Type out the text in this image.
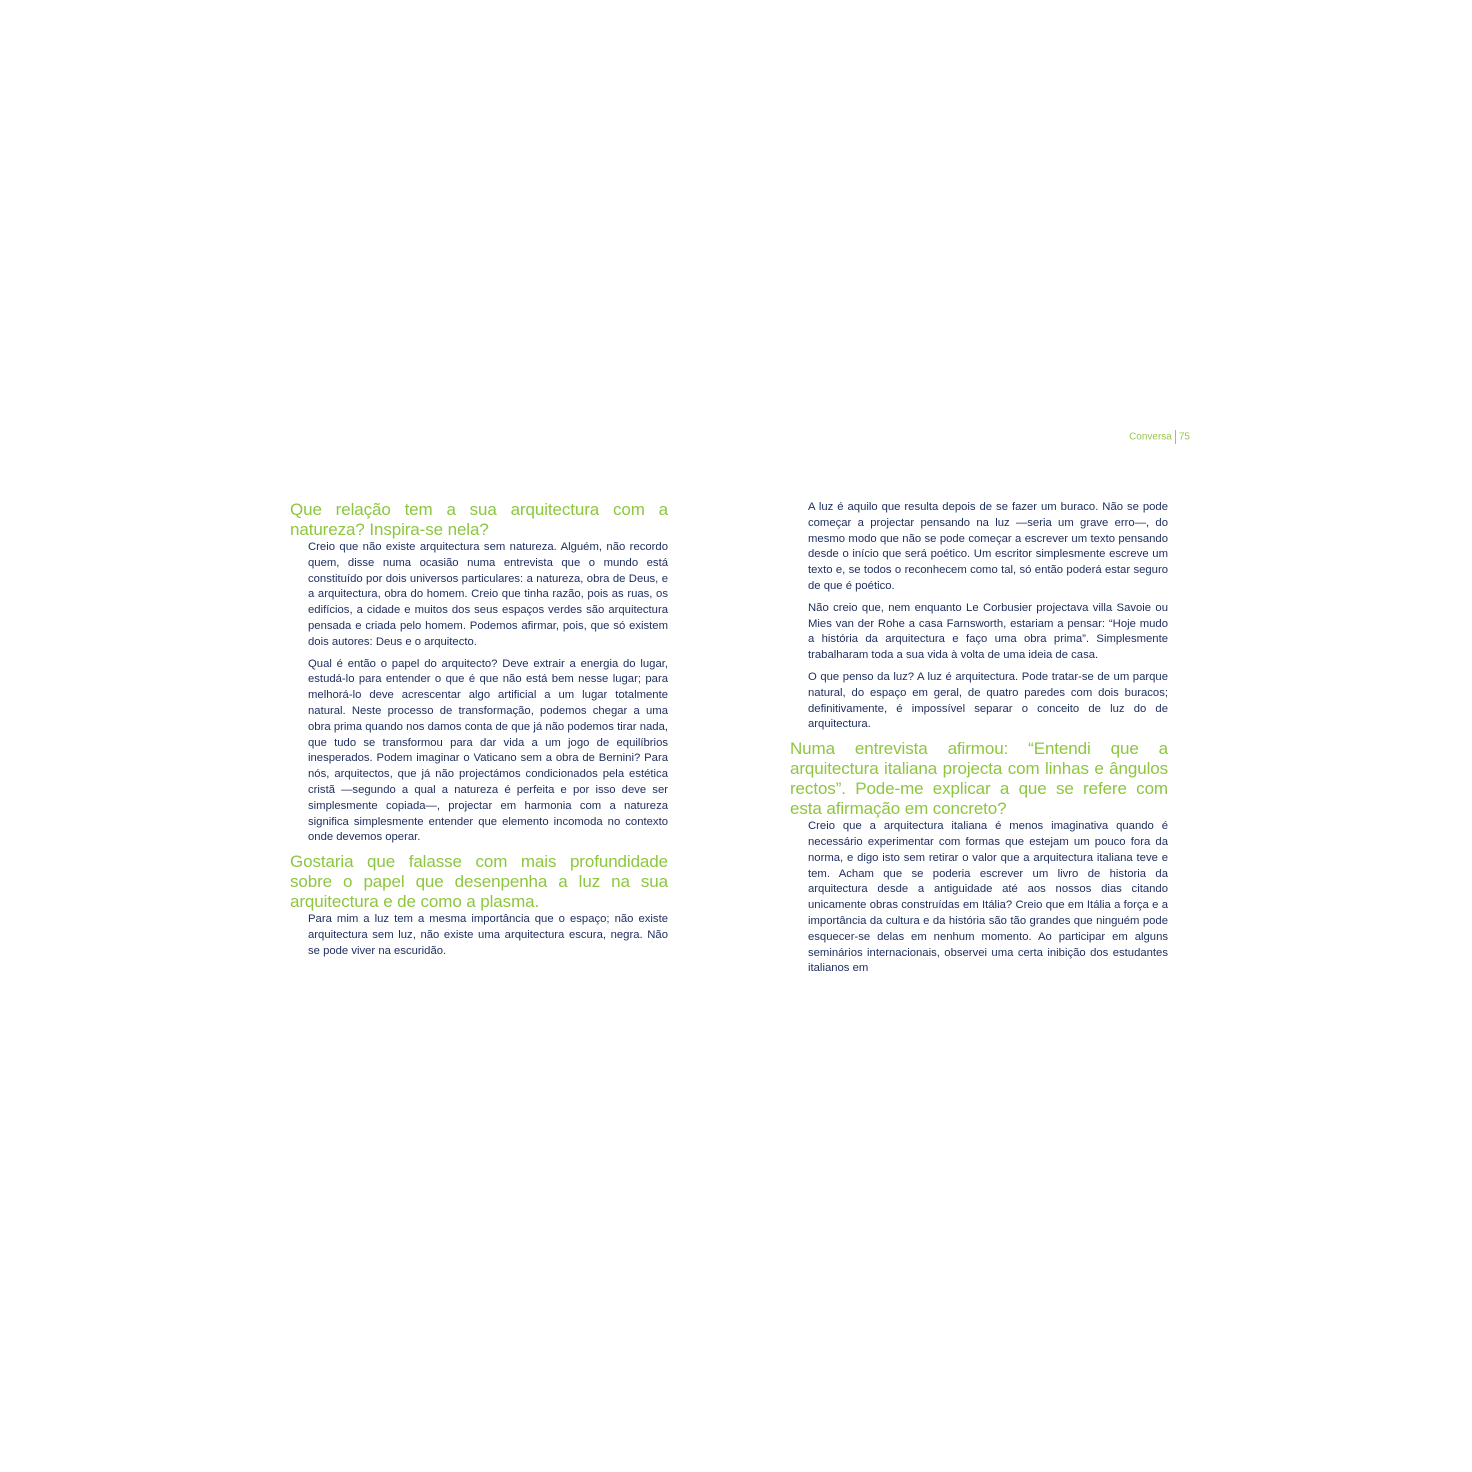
Conversa 75
Que relação tem a sua arquitectura com a natureza? Inspira-se nela?

Creio que não existe arquitectura sem natureza. Alguém, não recordo quem, disse numa ocasião numa entrevista que o mundo está constituído por dois universos particulares: a natureza, obra de Deus, e a arquitectura, obra do homem. Creio que tinha razão, pois as ruas, os edifícios, a cidade e muitos dos seus espaços verdes são arquitectura pensada e criada pelo homem. Podemos afirmar, pois, que só existem dois autores: Deus e o arquitecto.

Qual é então o papel do arquitecto? Deve extrair a energia do lugar, estudá-lo para entender o que é que não está bem nesse lugar; para melhorá-lo deve acrescentar algo artificial a um lugar totalmente natural. Neste processo de transformação, podemos chegar a uma obra prima quando nos damos conta de que já não podemos tirar nada, que tudo se transformou para dar vida a um jogo de equilíbrios inesperados. Podem imaginar o Vaticano sem a obra de Bernini? Para nós, arquitectos, que já não projectámos condicionados pela estética cristã —segundo a qual a natureza é perfeita e por isso deve ser simplesmente copiada—, projectar em harmonia com a natureza significa simplesmente entender que elemento incomoda no contexto onde devemos operar.

Gostaria que falasse com mais profundidade sobre o papel que desenpenha a luz na sua arquitectura e de como a plasma.

Para mim a luz tem a mesma importância que o espaço; não existe arquitectura sem luz, não existe uma arquitectura escura, negra. Não se pode viver na escuridão.

A luz é aquilo que resulta depois de se fazer um buraco. Não se pode começar a projectar pensando na luz —seria um grave erro—, do mesmo modo que não se pode começar a escrever um texto pensando desde o início que será poético. Um escritor simplesmente escreve um texto e, se todos o reconhecem como tal, só então poderá estar seguro de que é poético.

Não creio que, nem enquanto Le Corbusier projectava villa Savoie ou Mies van der Rohe a casa Farnsworth, estariam a pensar: “Hoje mudo a história da arquitectura e faço uma obra prima”. Simplesmente trabalharam toda a sua vida à volta de uma ideia de casa.

O que penso da luz? A luz é arquitectura. Pode tratar-se de um parque natural, do espaço em geral, de quatro paredes com dois buracos; definitivamente, é impossível separar o conceito de luz do de arquitectura.

Numa entrevista afirmou: “Entendi que a arquitectura italiana projecta com linhas e ângulos rectos”. Pode-me explicar a que se refere com esta afirmação em concreto?

Creio que a arquitectura italiana é menos imaginativa quando é necessário experimentar com formas que estejam um pouco fora da norma, e digo isto sem retirar o valor que a arquitectura italiana teve e tem. Acham que se poderia escrever um livro de historia da arquitectura desde a antiguidade até aos nossos dias citando unicamente obras construídas em Itália? Creio que em Itália a força e a importância da cultura e da história são tão grandes que ninguém pode esquecer-se delas em nenhum momento. Ao participar em alguns seminários internacionais, observei uma certa inibição dos estudantes italianos em
